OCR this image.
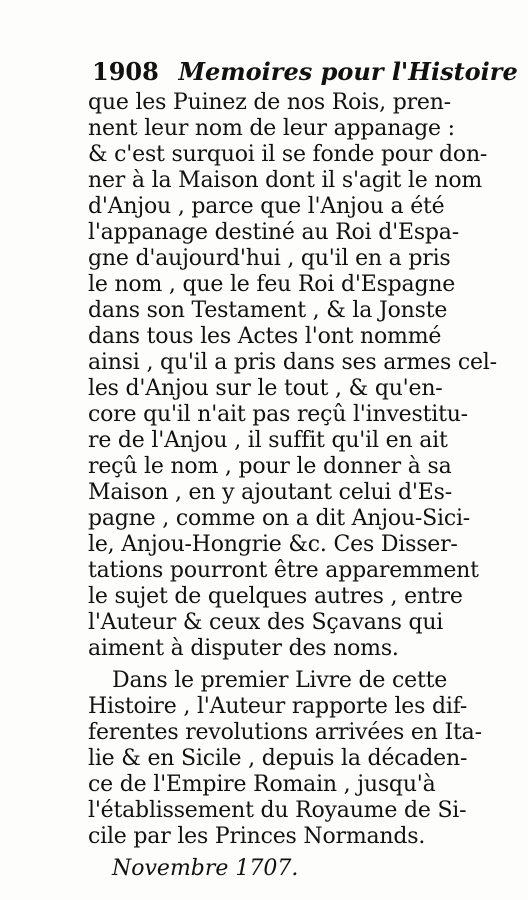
1908 Memoires pour l'Histoire
que les Puinez de nos Rois, pren-
nent leur nom de leur appanage :
& c'est surquoi il se fonde pour don-
ner à la Maison dont il s'agit le nom
d'Anjou , parce que l'Anjou a été
l'appanage destiné au Roi d'Espa-
gne d'aujourd'hui , qu'il en a pris
le nom , que le feu Roi d'Espagne
dans son Testament , & la Jonste
dans tous les Actes l'ont nommé
ainsi , qu'il a pris dans ses armes cel-
les d'Anjou sur le tout , & qu'en-
core qu'il n'ait pas reçû l'investitu-
re de l'Anjou , il suffit qu'il en ait
reçû le nom , pour le donner à sa
Maison , en y ajoutant celui d'Es-
pagne , comme on a dit Anjou-Sici-
le, Anjou-Hongrie &c. Ces Disser-
tations pourront être apparemment
le sujet de quelques autres , entre
l'Auteur & ceux des Sçavans qui
aiment à disputer des noms.
Dans le premier Livre de cette
Histoire , l'Auteur rapporte les dif-
ferentes revolutions arrivées en Ita-
lie & en Sicile , depuis la décaden-
ce de l'Empire Romain , jusqu'à
l'établissement du Royaume de Si-
cile par les Princes Normands.
Novembre 1707.
